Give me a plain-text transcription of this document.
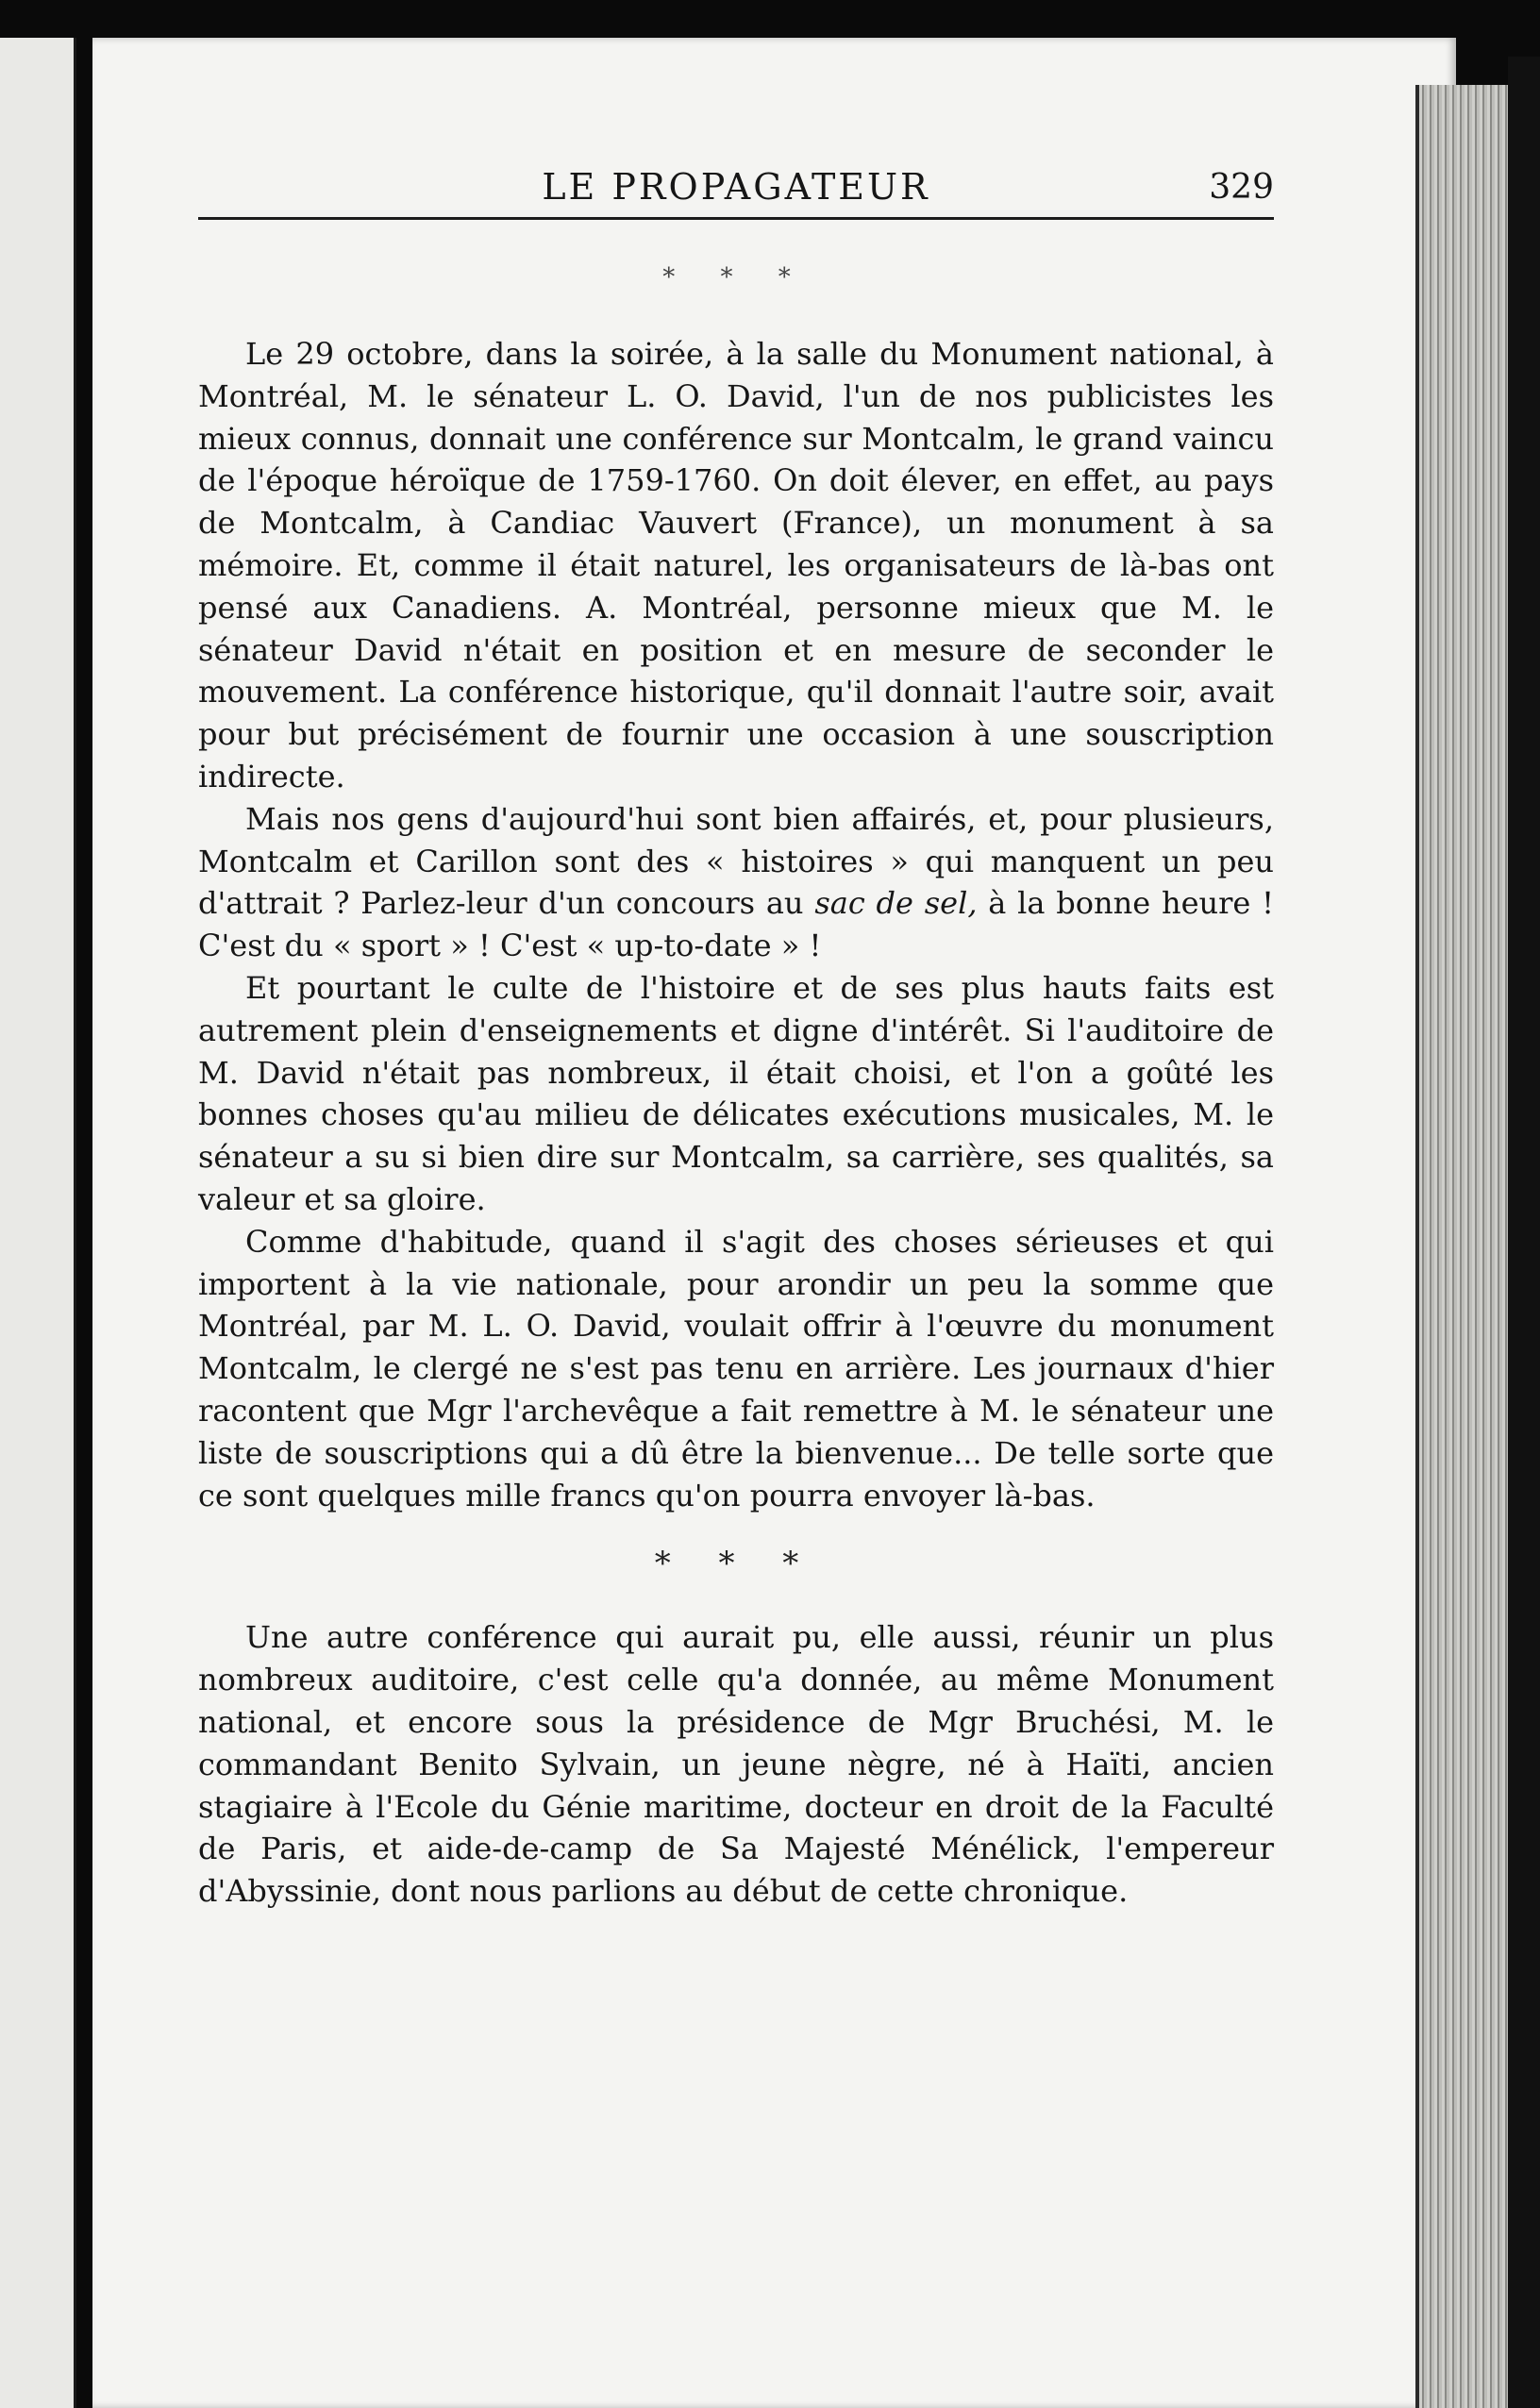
LE PROPAGATEUR	329
* * *

Le 29 octobre, dans la soirée, à la salle du Monument national, à Montréal, M. le sénateur L. O. David, l'un de nos publicistes les mieux connus, donnait une conférence sur Montcalm, le grand vaincu de l'époque héroïque de 1759-1760. On doit élever, en effet, au pays de Montcalm, à Candiac Vauvert (France), un monument à sa mémoire. Et, comme il était naturel, les organisateurs de là-bas ont pensé aux Canadiens. A. Montréal, personne mieux que M. le sénateur David n'était en position et en mesure de seconder le mouvement. La conférence historique, qu'il donnait l'autre soir, avait pour but précisément de fournir une occasion à une souscription indirecte.

Mais nos gens d'aujourd'hui sont bien affairés, et, pour plusieurs, Montcalm et Carillon sont des « histoires » qui manquent un peu d'attrait ? Parlez-leur d'un concours au sac de sel, à la bonne heure ! C'est du « sport » ! C'est « up-to-date » !

Et pourtant le culte de l'histoire et de ses plus hauts faits est autrement plein d'enseignements et digne d'intérêt. Si l'auditoire de M. David n'était pas nombreux, il était choisi, et l'on a goûté les bonnes choses qu'au milieu de délicates exécutions musicales, M. le sénateur a su si bien dire sur Montcalm, sa carrière, ses qualités, sa valeur et sa gloire.

Comme d'habitude, quand il s'agit des choses sérieuses et qui importent à la vie nationale, pour arondir un peu la somme que Montréal, par M. L. O. David, voulait offrir à l'œuvre du monument Montcalm, le clergé ne s'est pas tenu en arrière. Les journaux d'hier racontent que Mgr l'archevêque a fait remettre à M. le sénateur une liste de souscriptions qui a dû être la bienvenue... De telle sorte que ce sont quelques mille francs qu'on pourra envoyer là-bas.

* * *

Une autre conférence qui aurait pu, elle aussi, réunir un plus nombreux auditoire, c'est celle qu'a donnée, au même Monument national, et encore sous la présidence de Mgr Bruchési, M. le commandant Benito Sylvain, un jeune nègre, né à Haïti, ancien stagiaire à l'Ecole du Génie maritime, docteur en droit de la Faculté de Paris, et aide-de-camp de Sa Majesté Ménélick, l'empereur d'Abyssinie, dont nous parlions au début de cette chronique.
